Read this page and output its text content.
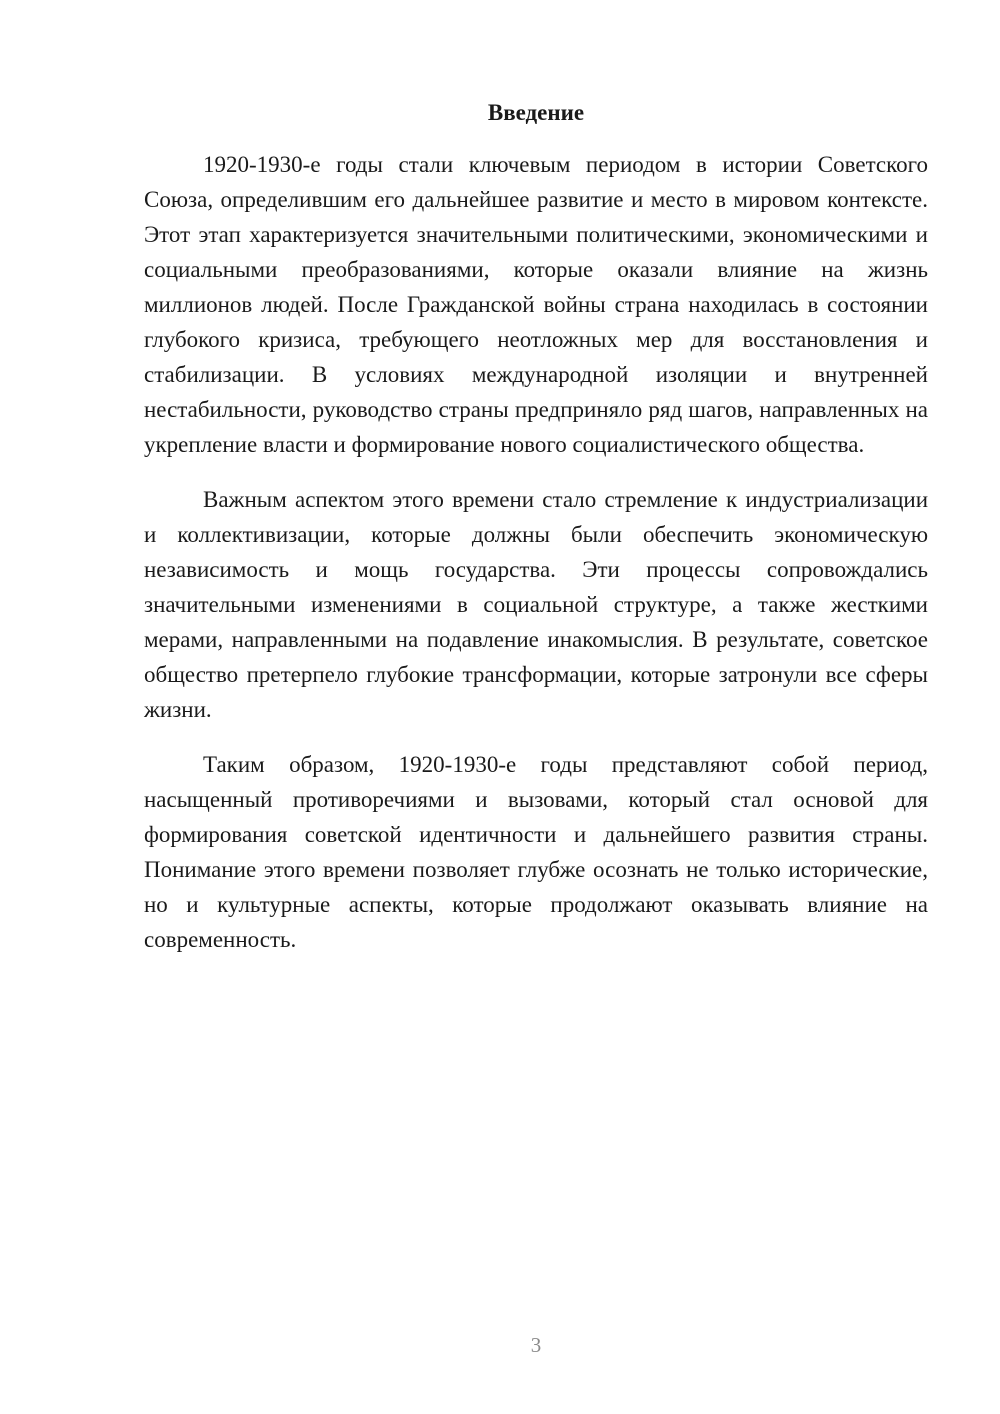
Введение

1920-1930-е годы стали ключевым периодом в истории Советского Союза, определившим его дальнейшее развитие и место в мировом контексте. Этот этап характеризуется значительными политическими, экономическими и социальными преобразованиями, которые оказали влияние на жизнь миллионов людей. После Гражданской войны страна находилась в состоянии глубокого кризиса, требующего неотложных мер для восстановления и стабилизации. В условиях международной изоляции и внутренней нестабильности, руководство страны предприняло ряд шагов, направленных на укрепление власти и формирование нового социалистического общества.

Важным аспектом этого времени стало стремление к индустриализации и коллективизации, которые должны были обеспечить экономическую независимость и мощь государства. Эти процессы сопровождались значительными изменениями в социальной структуре, а также жесткими мерами, направленными на подавление инакомыслия. В результате, советское общество претерпело глубокие трансформации, которые затронули все сферы жизни.

Таким образом, 1920-1930-е годы представляют собой период, насыщенный противоречиями и вызовами, который стал основой для формирования советской идентичности и дальнейшего развития страны. Понимание этого времени позволяет глубже осознать не только исторические, но и культурные аспекты, которые продолжают оказывать влияние на современность.

3
